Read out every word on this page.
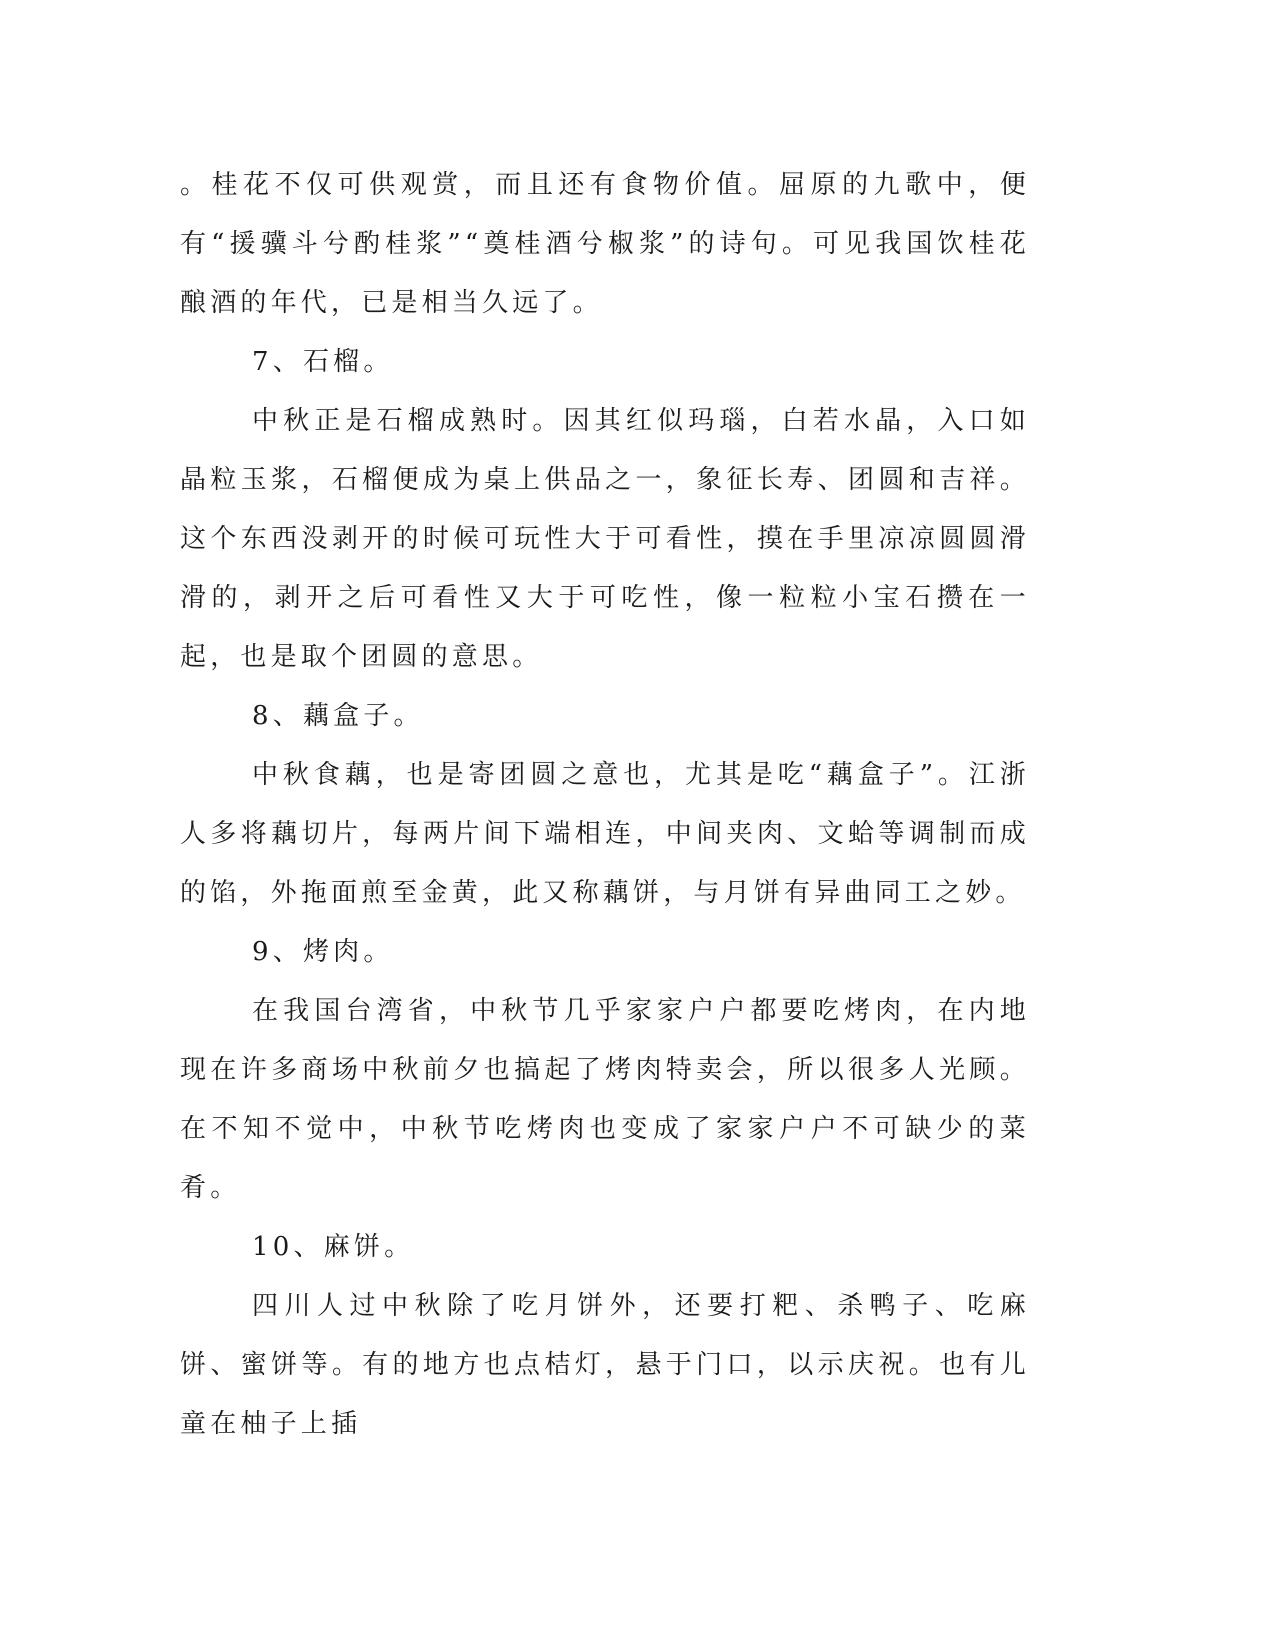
。桂花不仅可供观赏，而且还有食物价值。屈原的九歌中，便有“援骥斗兮酌桂浆”“奠桂酒兮椒浆”的诗句。可见我国饮桂花酿酒的年代，已是相当久远了。

7、石榴。

中秋正是石榴成熟时。因其红似玛瑙，白若水晶，入口如晶粒玉浆，石榴便成为桌上供品之一，象征长寿、团圆和吉祥。这个东西没剥开的时候可玩性大于可看性，摸在手里凉凉圆圆滑滑的，剥开之后可看性又大于可吃性，像一粒粒小宝石攒在一起，也是取个团圆的意思。

8、藕盒子。

中秋食藕，也是寄团圆之意也，尤其是吃“藕盒子”。江浙人多将藕切片，每两片间下端相连，中间夹肉、文蛤等调制而成的馅，外拖面煎至金黄，此又称藕饼，与月饼有异曲同工之妙。

9、烤肉。

在我国台湾省，中秋节几乎家家户户都要吃烤肉，在内地现在许多商场中秋前夕也搞起了烤肉特卖会，所以很多人光顾。在不知不觉中，中秋节吃烤肉也变成了家家户户不可缺少的菜肴。

10、麻饼。

四川人过中秋除了吃月饼外，还要打粑、杀鸭子、吃麻饼、蜜饼等。有的地方也点桔灯，悬于门口，以示庆祝。也有儿童在柚子上插
